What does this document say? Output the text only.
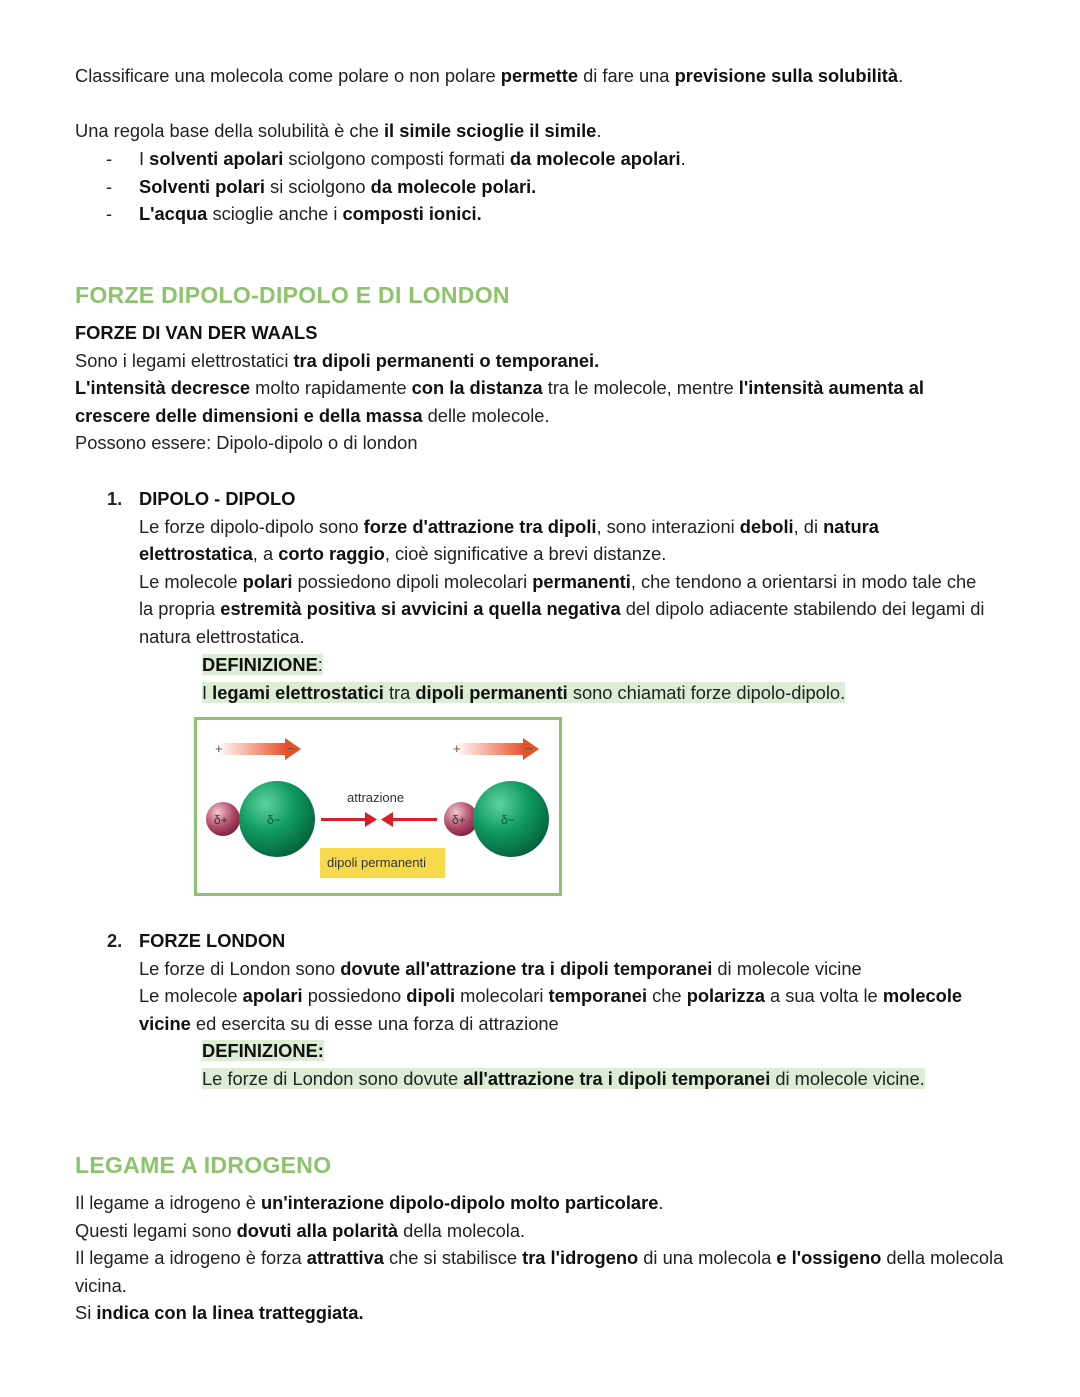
Classificare una molecola come polare o non polare permette di fare una previsione sulla solubilità.
Una regola base della solubilità è che il simile scioglie il simile.
- I solventi apolari sciolgono composti formati da molecole apolari.
- Solventi polari si sciolgono da molecole polari.
- L'acqua scioglie anche i composti ionici.
FORZE DIPOLO-DIPOLO E DI LONDON
FORZE DI VAN DER WAALS
Sono i legami elettrostatici tra dipoli permanenti o temporanei.
L'intensità decresce molto rapidamente con la distanza tra le molecole, mentre l'intensità aumenta al
crescere delle dimensioni e della massa delle molecole.
Possono essere: Dipolo-dipolo o di london
1. DIPOLO - DIPOLO
Le forze dipolo-dipolo sono forze d'attrazione tra dipoli, sono interazioni deboli, di natura
elettrostatica, a corto raggio, cioè significative a brevi distanze.
Le molecole polari possiedono dipoli molecolari permanenti, che tendono a orientarsi in modo tale che
la propria estremità positiva si avvicini a quella negativa del dipolo adiacente stabilendo dei legami di
natura elettrostatica.
DEFINIZIONE:
I legami elettrostatici tra dipoli permanenti sono chiamati forze dipolo-dipolo.
+	−	+	−
δ+	δ−	δ+	δ−
attrazione
dipoli permanenti
2. FORZE LONDON
Le forze di London sono dovute all'attrazione tra i dipoli temporanei di molecole vicine
Le molecole apolari possiedono dipoli molecolari temporanei che polarizza a sua volta le molecole
vicine ed esercita su di esse una forza di attrazione
DEFINIZIONE:
Le forze di London sono dovute all'attrazione tra i dipoli temporanei di molecole vicine.
LEGAME A IDROGENO
Il legame a idrogeno è un'interazione dipolo-dipolo molto particolare.
Questi legami sono dovuti alla polarità della molecola.
Il legame a idrogeno è forza attrattiva che si stabilisce tra l'idrogeno di una molecola e l'ossigeno della molecola
vicina.
Si indica con la linea tratteggiata.
